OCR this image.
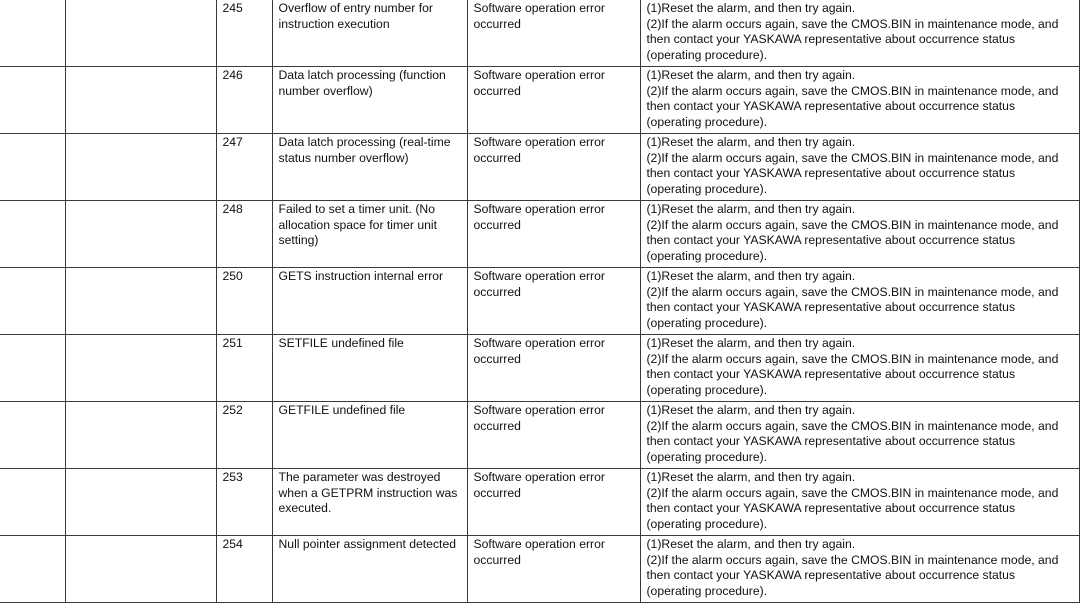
		245	Overflow of entry number for instruction execution	Software operation error occurred	(1)Reset the alarm, and then try again.
(2)If the alarm occurs again, save the CMOS.BIN in maintenance mode, and then contact your YASKAWA representative about occurrence status (operating procedure).
		246	Data latch processing (function number overflow)	Software operation error occurred	(1)Reset the alarm, and then try again.
(2)If the alarm occurs again, save the CMOS.BIN in maintenance mode, and then contact your YASKAWA representative about occurrence status (operating procedure).
		247	Data latch processing (real-time status number overflow)	Software operation error occurred	(1)Reset the alarm, and then try again.
(2)If the alarm occurs again, save the CMOS.BIN in maintenance mode, and then contact your YASKAWA representative about occurrence status (operating procedure).
		248	Failed to set a timer unit. (No allocation space for timer unit setting)	Software operation error occurred	(1)Reset the alarm, and then try again.
(2)If the alarm occurs again, save the CMOS.BIN in maintenance mode, and then contact your YASKAWA representative about occurrence status (operating procedure).
		250	GETS instruction internal error	Software operation error occurred	(1)Reset the alarm, and then try again.
(2)If the alarm occurs again, save the CMOS.BIN in maintenance mode, and then contact your YASKAWA representative about occurrence status (operating procedure).
		251	SETFILE undefined file	Software operation error occurred	(1)Reset the alarm, and then try again.
(2)If the alarm occurs again, save the CMOS.BIN in maintenance mode, and then contact your YASKAWA representative about occurrence status (operating procedure).
		252	GETFILE undefined file	Software operation error occurred	(1)Reset the alarm, and then try again.
(2)If the alarm occurs again, save the CMOS.BIN in maintenance mode, and then contact your YASKAWA representative about occurrence status (operating procedure).
		253	The parameter was destroyed when a GETPRM instruction was executed.	Software operation error occurred	(1)Reset the alarm, and then try again.
(2)If the alarm occurs again, save the CMOS.BIN in maintenance mode, and then contact your YASKAWA representative about occurrence status (operating procedure).
		254	Null pointer assignment detected	Software operation error occurred	(1)Reset the alarm, and then try again.
(2)If the alarm occurs again, save the CMOS.BIN in maintenance mode, and then contact your YASKAWA representative about occurrence status (operating procedure).
